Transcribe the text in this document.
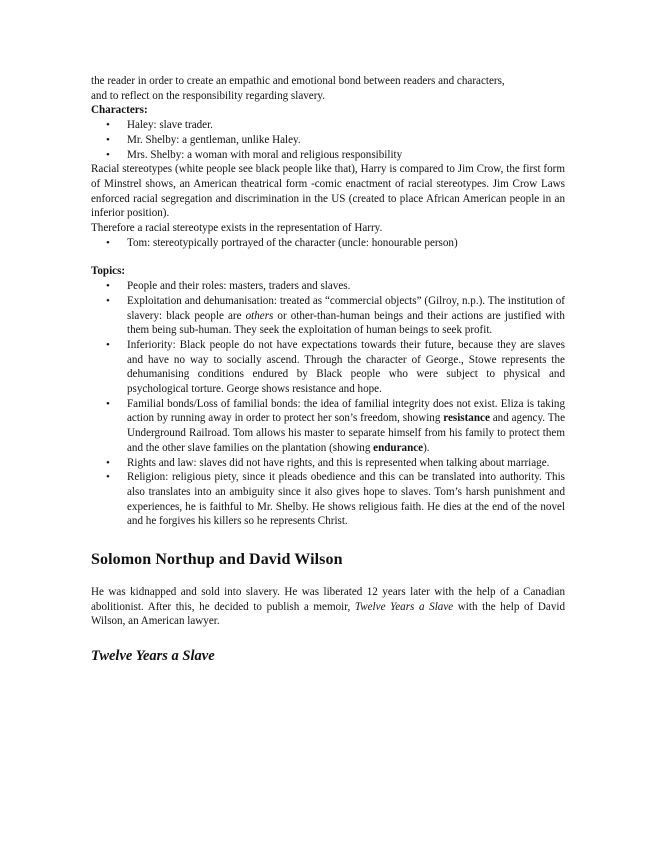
the reader in order to create an empathic and emotional bond between readers and characters,

and to reflect on the responsibility regarding slavery.

Characters:

• Haley: slave trader.
• Mr. Shelby: a gentleman, unlike Haley.
• Mrs. Shelby: a woman with moral and religious responsibility

Racial stereotypes (white people see black people like that), Harry is compared to Jim Crow, the first form of Minstrel shows, an American theatrical form -comic enactment of racial stereotypes. Jim Crow Laws enforced racial segregation and discrimination in the US (created to place African American people in an inferior position).

Therefore a racial stereotype exists in the representation of Harry.

• Tom: stereotypically portrayed of the character (uncle: honourable person)

Topics:

• People and their roles: masters, traders and slaves.
• Exploitation and dehumanisation: treated as “commercial objects” (Gilroy, n.p.). The institution of slavery: black people are others or other-than-human beings and their actions are justified with them being sub-human. They seek the exploitation of human beings to seek profit.
• Inferiority: Black people do not have expectations towards their future, because they are slaves and have no way to socially ascend. Through the character of George., Stowe represents the dehumanising conditions endured by Black people who were subject to physical and psychological torture. George shows resistance and hope.
• Familial bonds/Loss of familial bonds: the idea of familial integrity does not exist. Eliza is taking action by running away in order to protect her son’s freedom, showing resistance and agency. The Underground Railroad. Tom allows his master to separate himself from his family to protect them and the other slave families on the plantation (showing endurance).
• Rights and law: slaves did not have rights, and this is represented when talking about marriage.
• Religion: religious piety, since it pleads obedience and this can be translated into authority. This also translates into an ambiguity since it also gives hope to slaves. Tom’s harsh punishment and experiences, he is faithful to Mr. Shelby. He shows religious faith. He dies at the end of the novel and he forgives his killers so he represents Christ.
Solomon Northup and David Wilson

He was kidnapped and sold into slavery. He was liberated 12 years later with the help of a Canadian abolitionist. After this, he decided to publish a memoir, Twelve Years a Slave with the help of David Wilson, an American lawyer.

Twelve Years a Slave
